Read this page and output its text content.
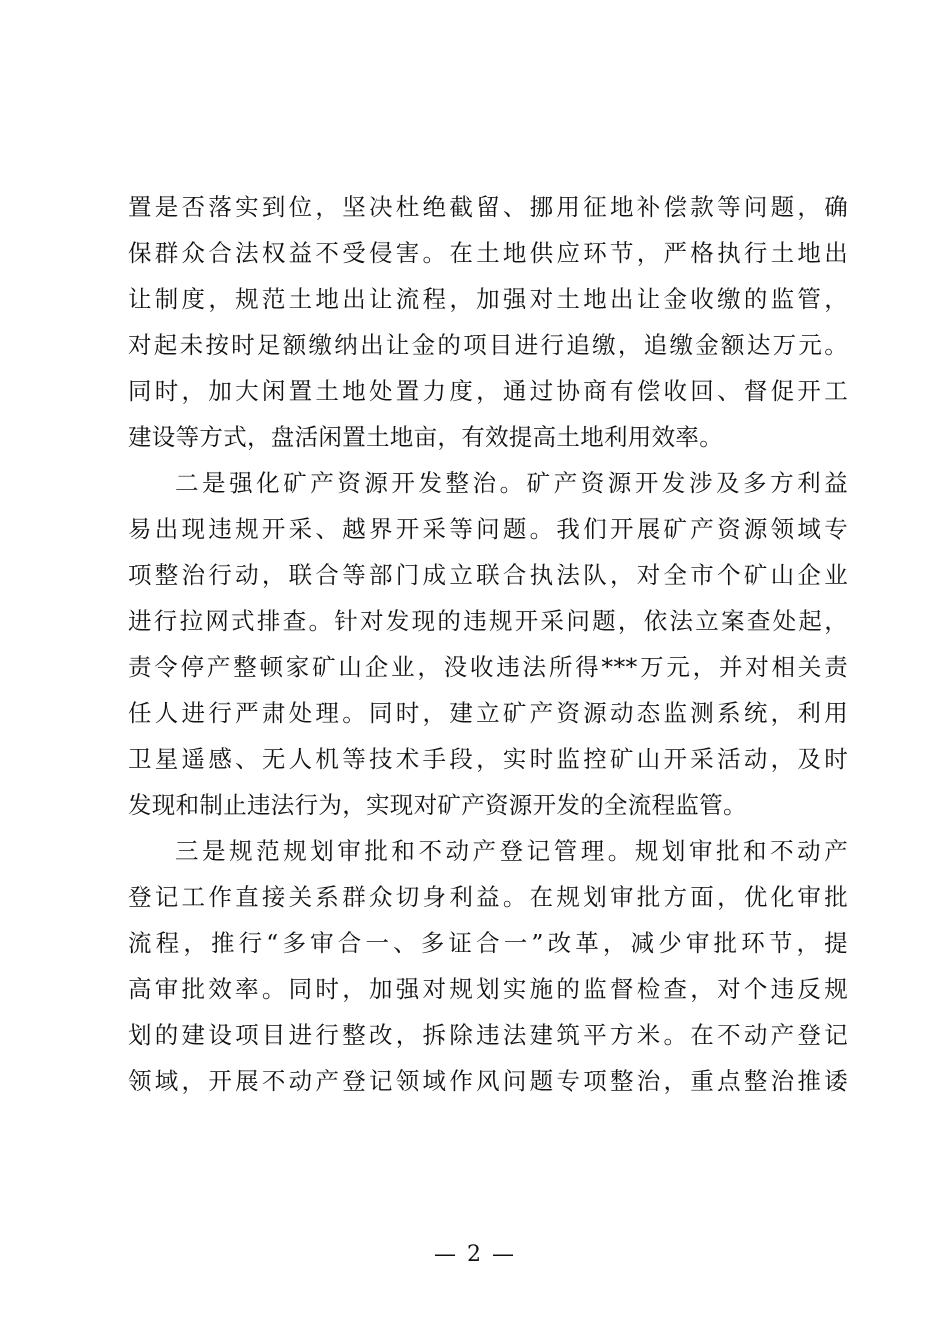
置是否落实到位，坚决杜绝截留、挪用征地补偿款等问题，确
保群众合法权益不受侵害。在土地供应环节，严格执行土地出
让制度，规范土地出让流程，加强对土地出让金收缴的监管，
对起未按时足额缴纳出让金的项目进行追缴，追缴金额达万元。
同时，加大闲置土地处置力度，通过协商有偿收回、督促开工
建设等方式，盘活闲置土地亩，有效提高土地利用效率。
二是强化矿产资源开发整治。矿产资源开发涉及多方利益
易出现违规开采、越界开采等问题。我们开展矿产资源领域专
项整治行动，联合等部门成立联合执法队，对全市个矿山企业
进行拉网式排查。针对发现的违规开采问题，依法立案查处起，
责令停产整顿家矿山企业，没收违法所得***万元，并对相关责
任人进行严肃处理。同时，建立矿产资源动态监测系统，利用
卫星遥感、无人机等技术手段，实时监控矿山开采活动，及时
发现和制止违法行为，实现对矿产资源开发的全流程监管。
三是规范规划审批和不动产登记管理。规划审批和不动产
登记工作直接关系群众切身利益。在规划审批方面，优化审批
流程，推行“多审合一、多证合一”改革，减少审批环节，提
高审批效率。同时，加强对规划实施的监督检查，对个违反规
划的建设项目进行整改，拆除违法建筑平方米。在不动产登记
领域，开展不动产登记领域作风问题专项整治，重点整治推诿
— 2 —
